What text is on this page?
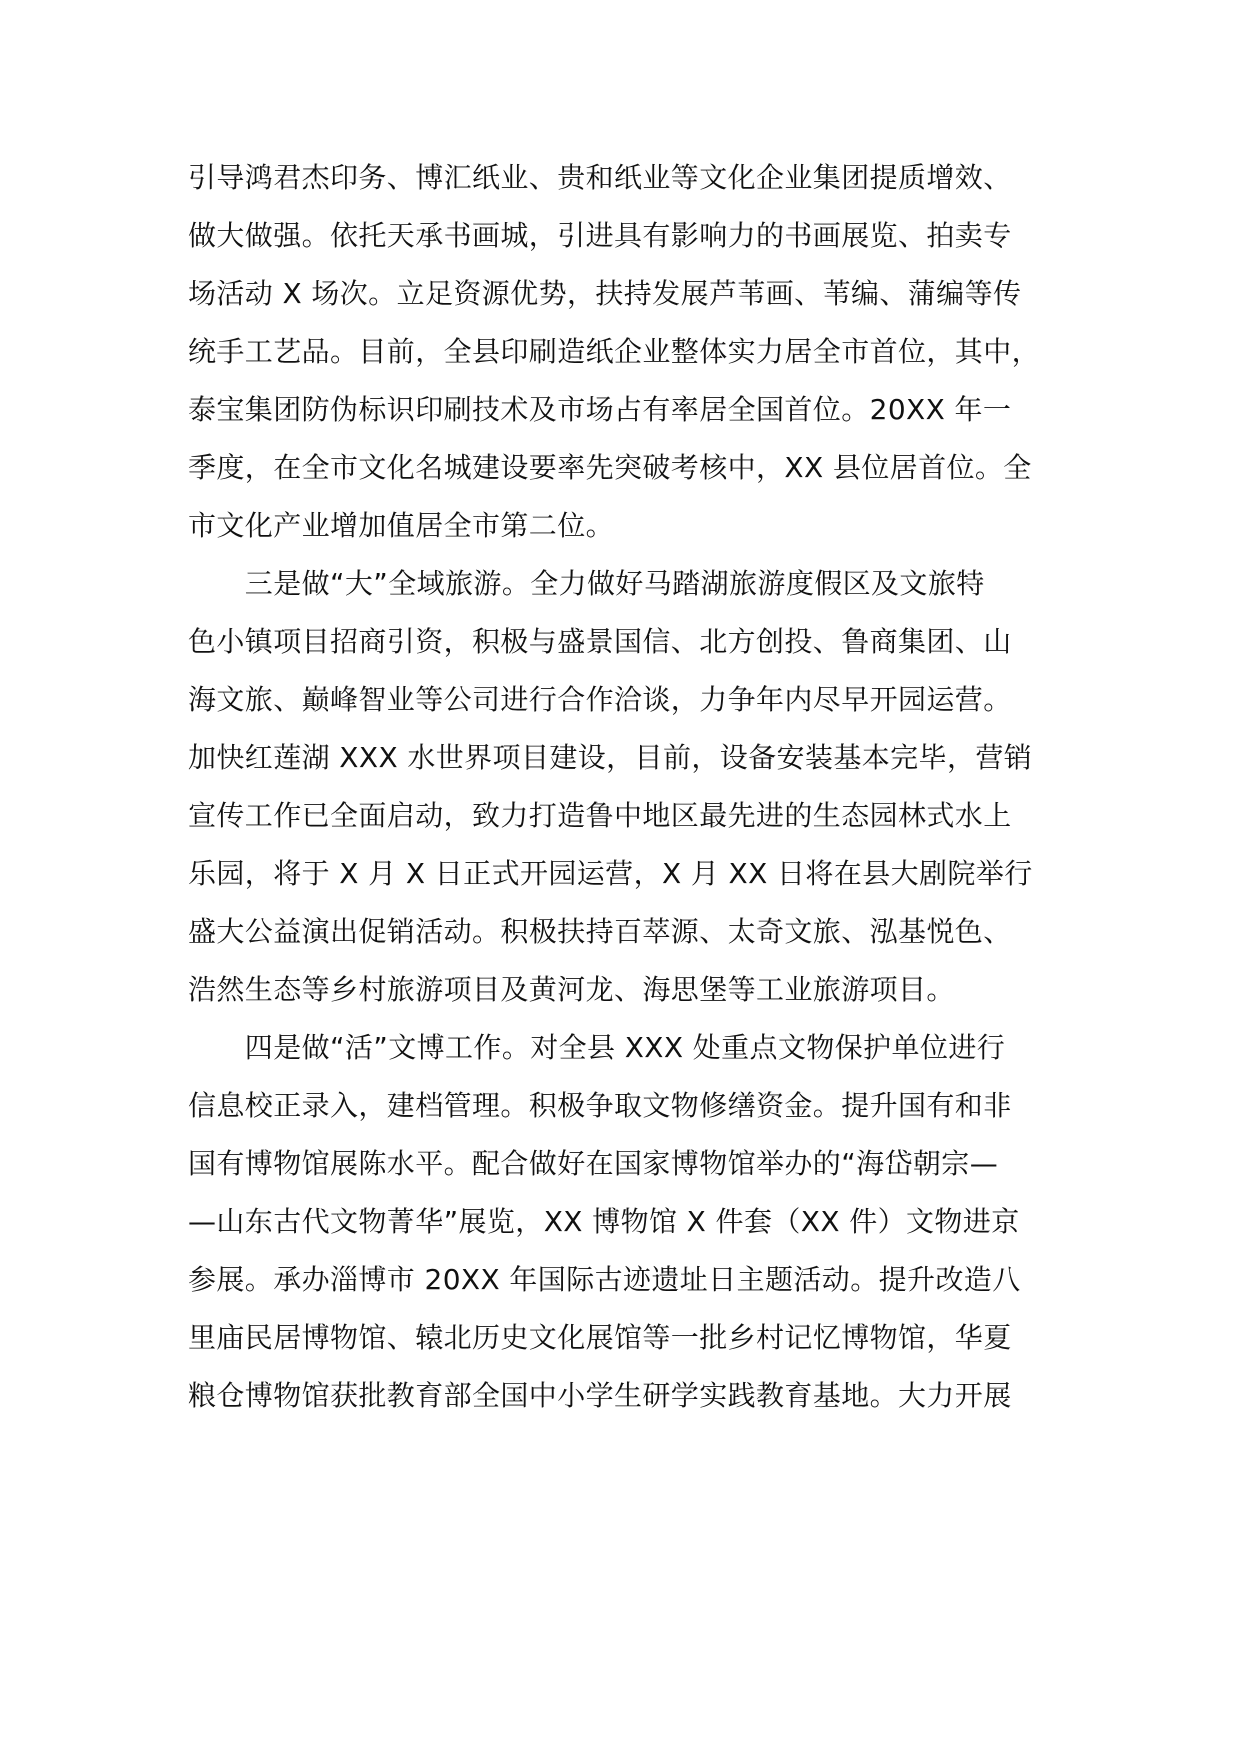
引导鸿君杰印务、博汇纸业、贵和纸业等文化企业集团提质增效、
做大做强。依托天承书画城，引进具有影响力的书画展览、拍卖专
场活动 X 场次。立足资源优势，扶持发展芦苇画、苇编、蒲编等传
统手工艺品。目前，全县印刷造纸企业整体实力居全市首位，其中，
泰宝集团防伪标识印刷技术及市场占有率居全国首位。20XX 年一
季度，在全市文化名城建设要率先突破考核中，XX 县位居首位。全
市文化产业增加值居全市第二位。
　　三是做“大”全域旅游。全力做好马踏湖旅游度假区及文旅特
色小镇项目招商引资，积极与盛景国信、北方创投、鲁商集团、山
海文旅、巅峰智业等公司进行合作洽谈，力争年内尽早开园运营。
加快红莲湖 XXX 水世界项目建设，目前，设备安装基本完毕，营销
宣传工作已全面启动，致力打造鲁中地区最先进的生态园林式水上
乐园，将于 X 月 X 日正式开园运营，X 月 XX 日将在县大剧院举行
盛大公益演出促销活动。积极扶持百萃源、太奇文旅、泓基悦色、
浩然生态等乡村旅游项目及黄河龙、海思堡等工业旅游项目。
　　四是做“活”文博工作。对全县 XXX 处重点文物保护单位进行
信息校正录入，建档管理。积极争取文物修缮资金。提升国有和非
国有博物馆展陈水平。配合做好在国家博物馆举办的“海岱朝宗—
—山东古代文物菁华”展览，XX 博物馆 X 件套（XX 件）文物进京
参展。承办淄博市 20XX 年国际古迹遗址日主题活动。提升改造八
里庙民居博物馆、辕北历史文化展馆等一批乡村记忆博物馆，华夏
粮仓博物馆获批教育部全国中小学生研学实践教育基地。大力开展
